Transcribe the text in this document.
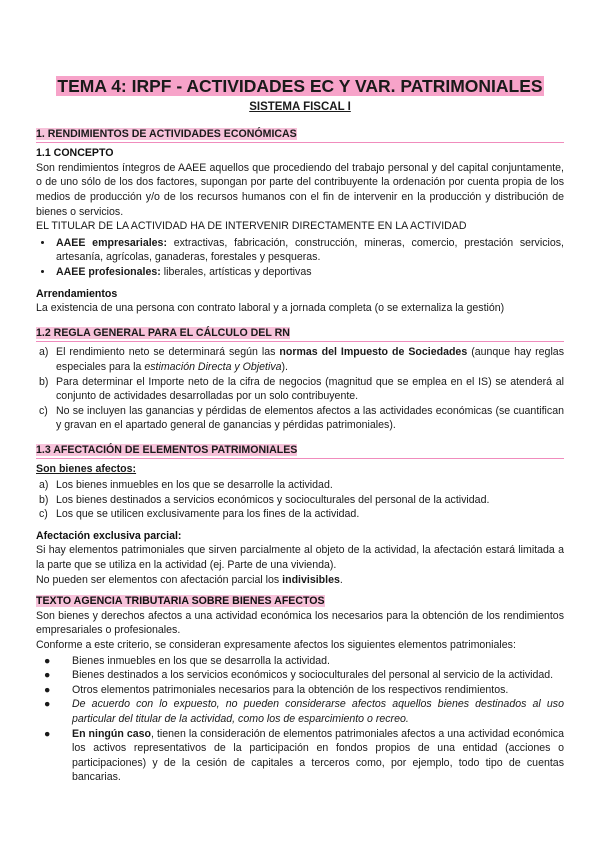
TEMA 4: IRPF - ACTIVIDADES EC Y VAR. PATRIMONIALES
SISTEMA FISCAL I
1. RENDIMIENTOS DE ACTIVIDADES ECONÓMICAS
1.1 CONCEPTO

Son rendimientos íntegros de AAEE aquellos que procediendo del trabajo personal y del capital conjuntamente, o de uno sólo de los dos factores, supongan por parte del contribuyente la ordenación por cuenta propia de los medios de producción y/o de los recursos humanos con el fin de intervenir en la producción y distribución de bienes o servicios.

EL TITULAR DE LA ACTIVIDAD HA DE INTERVENIR DIRECTAMENTE EN LA ACTIVIDAD

• AAEE empresariales: extractivas, fabricación, construcción, mineras, comercio, prestación servicios, artesanía, agrícolas, ganaderas, forestales y pesqueras.
• AAEE profesionales: liberales, artísticas y deportivas
Arrendamientos

La existencia de una persona con contrato laboral y a jornada completa (o se externaliza la gestión)

1.2 REGLA GENERAL PARA EL CÁLCULO DEL RN
a) El rendimiento neto se determinará según las normas del Impuesto de Sociedades (aunque hay reglas especiales para la estimación Directa y Objetiva).
b) Para determinar el Importe neto de la cifra de negocios (magnitud que se emplea en el IS) se atenderá al conjunto de actividades desarrolladas por un solo contribuyente.
c) No se incluyen las ganancias y pérdidas de elementos afectos a las actividades económicas (se cuantifican y gravan en el apartado general de ganancias y pérdidas patrimoniales).
1.3 AFECTACIÓN DE ELEMENTOS PATRIMONIALES
Son bienes afectos:
a) Los bienes inmuebles en los que se desarrolle la actividad.
b) Los bienes destinados a servicios económicos y socioculturales del personal de la actividad.
c) Los que se utilicen exclusivamente para los fines de la actividad.
Afectación exclusiva parcial:

Si hay elementos patrimoniales que sirven parcialmente al objeto de la actividad, la afectación estará limitada a la parte que se utiliza en la actividad (ej. Parte de una vivienda).

No pueden ser elementos con afectación parcial los indivisibles.

TEXTO AGENCIA TRIBUTARIA SOBRE BIENES AFECTOS

Son bienes y derechos afectos a una actividad económica los necesarios para la obtención de los rendimientos empresariales o profesionales.

Conforme a este criterio, se consideran expresamente afectos los siguientes elementos patrimoniales:

● Bienes inmuebles en los que se desarrolla la actividad.
● Bienes destinados a los servicios económicos y socioculturales del personal al servicio de la actividad.
● Otros elementos patrimoniales necesarios para la obtención de los respectivos rendimientos.
● De acuerdo con lo expuesto, no pueden considerarse afectos aquellos bienes destinados al uso particular del titular de la actividad, como los de esparcimiento o recreo.
● En ningún caso, tienen la consideración de elementos patrimoniales afectos a una actividad económica los activos representativos de la participación en fondos propios de una entidad (acciones o participaciones) y de la cesión de capitales a terceros como, por ejemplo, todo tipo de cuentas bancarias.
